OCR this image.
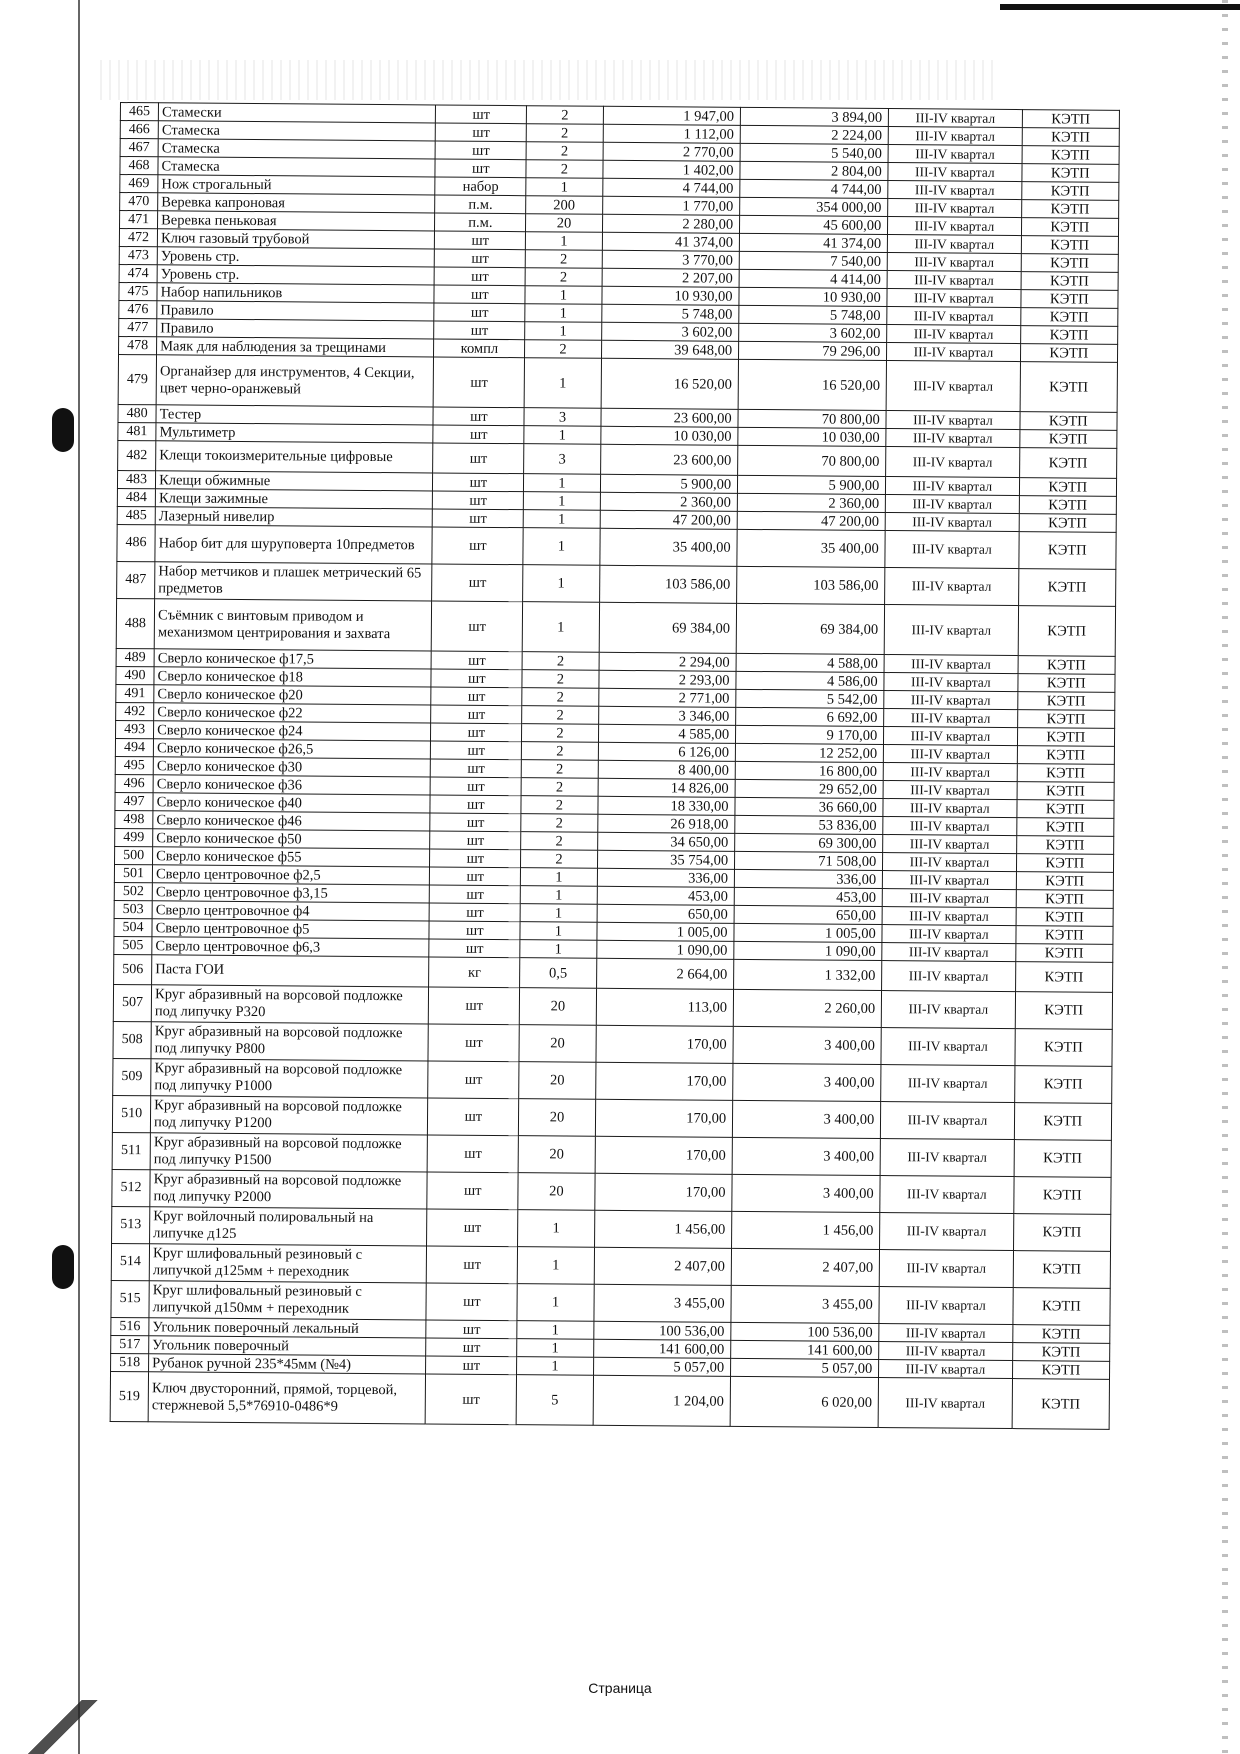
465	Стамески	шт	2	1 947,00	3 894,00	III-IV квартал	КЭТП
466	Стамеска	шт	2	1 112,00	2 224,00	III-IV квартал	КЭТП
467	Стамеска	шт	2	2 770,00	5 540,00	III-IV квартал	КЭТП
468	Стамеска	шт	2	1 402,00	2 804,00	III-IV квартал	КЭТП
469	Нож строгальный	набор	1	4 744,00	4 744,00	III-IV квартал	КЭТП
470	Веревка капроновая	п.м.	200	1 770,00	354 000,00	III-IV квартал	КЭТП
471	Веревка пеньковая	п.м.	20	2 280,00	45 600,00	III-IV квартал	КЭТП
472	Ключ газовый трубовой	шт	1	41 374,00	41 374,00	III-IV квартал	КЭТП
473	Уровень стр.	шт	2	3 770,00	7 540,00	III-IV квартал	КЭТП
474	Уровень стр.	шт	2	2 207,00	4 414,00	III-IV квартал	КЭТП
475	Набор напильников	шт	1	10 930,00	10 930,00	III-IV квартал	КЭТП
476	Правило	шт	1	5 748,00	5 748,00	III-IV квартал	КЭТП
477	Правило	шт	1	3 602,00	3 602,00	III-IV квартал	КЭТП
478	Маяк для наблюдения за трещинами	компл	2	39 648,00	79 296,00	III-IV квартал	КЭТП
479	Органайзер для инструментов, 4 Секции, цвет черно-оранжевый	шт	1	16 520,00	16 520,00	III-IV квартал	КЭТП
480	Тестер	шт	3	23 600,00	70 800,00	III-IV квартал	КЭТП
481	Мультиметр	шт	1	10 030,00	10 030,00	III-IV квартал	КЭТП
482	Клещи токоизмерительные цифровые	шт	3	23 600,00	70 800,00	III-IV квартал	КЭТП
483	Клещи обжимные	шт	1	5 900,00	5 900,00	III-IV квартал	КЭТП
484	Клещи зажимные	шт	1	2 360,00	2 360,00	III-IV квартал	КЭТП
485	Лазерный нивелир	шт	1	47 200,00	47 200,00	III-IV квартал	КЭТП
486	Набор бит для шуруповерта 10предметов	шт	1	35 400,00	35 400,00	III-IV квартал	КЭТП
487	Набор метчиков и плашек метрический 65 предметов	шт	1	103 586,00	103 586,00	III-IV квартал	КЭТП
488	Съёмник с винтовым приводом и механизмом центрирования и захвата	шт	1	69 384,00	69 384,00	III-IV квартал	КЭТП
489	Сверло коническое ф17,5	шт	2	2 294,00	4 588,00	III-IV квартал	КЭТП
490	Сверло коническое ф18	шт	2	2 293,00	4 586,00	III-IV квартал	КЭТП
491	Сверло коническое ф20	шт	2	2 771,00	5 542,00	III-IV квартал	КЭТП
492	Сверло коническое ф22	шт	2	3 346,00	6 692,00	III-IV квартал	КЭТП
493	Сверло коническое ф24	шт	2	4 585,00	9 170,00	III-IV квартал	КЭТП
494	Сверло коническое ф26,5	шт	2	6 126,00	12 252,00	III-IV квартал	КЭТП
495	Сверло коническое ф30	шт	2	8 400,00	16 800,00	III-IV квартал	КЭТП
496	Сверло коническое ф36	шт	2	14 826,00	29 652,00	III-IV квартал	КЭТП
497	Сверло коническое ф40	шт	2	18 330,00	36 660,00	III-IV квартал	КЭТП
498	Сверло коническое ф46	шт	2	26 918,00	53 836,00	III-IV квартал	КЭТП
499	Сверло коническое ф50	шт	2	34 650,00	69 300,00	III-IV квартал	КЭТП
500	Сверло коническое ф55	шт	2	35 754,00	71 508,00	III-IV квартал	КЭТП
501	Сверло центровочное ф2,5	шт	1	336,00	336,00	III-IV квартал	КЭТП
502	Сверло центровочное ф3,15	шт	1	453,00	453,00	III-IV квартал	КЭТП
503	Сверло центровочное ф4	шт	1	650,00	650,00	III-IV квартал	КЭТП
504	Сверло центровочное ф5	шт	1	1 005,00	1 005,00	III-IV квартал	КЭТП
505	Сверло центровочное ф6,3	шт	1	1 090,00	1 090,00	III-IV квартал	КЭТП
506	Паста ГОИ	кг	0,5	2 664,00	1 332,00	III-IV квартал	КЭТП
507	Круг абразивный на ворсовой подложке под липучку Р320	шт	20	113,00	2 260,00	III-IV квартал	КЭТП
508	Круг абразивный на ворсовой подложке под липучку Р800	шт	20	170,00	3 400,00	III-IV квартал	КЭТП
509	Круг абразивный на ворсовой подложке под липучку Р1000	шт	20	170,00	3 400,00	III-IV квартал	КЭТП
510	Круг абразивный на ворсовой подложке под липучку Р1200	шт	20	170,00	3 400,00	III-IV квартал	КЭТП
511	Круг абразивный на ворсовой подложке под липучку Р1500	шт	20	170,00	3 400,00	III-IV квартал	КЭТП
512	Круг абразивный на ворсовой подложке под липучку Р2000	шт	20	170,00	3 400,00	III-IV квартал	КЭТП
513	Круг войлочный полировальный на липучке д125	шт	1	1 456,00	1 456,00	III-IV квартал	КЭТП
514	Круг шлифовальный резиновый с липучкой д125мм + переходник	шт	1	2 407,00	2 407,00	III-IV квартал	КЭТП
515	Круг шлифовальный резиновый с липучкой д150мм + переходник	шт	1	3 455,00	3 455,00	III-IV квартал	КЭТП
516	Угольник поверочный лекальный	шт	1	100 536,00	100 536,00	III-IV квартал	КЭТП
517	Угольник поверочный	шт	1	141 600,00	141 600,00	III-IV квартал	КЭТП
518	Рубанок ручной 235*45мм (№4)	шт	1	5 057,00	5 057,00	III-IV квартал	КЭТП
519	Ключ двусторонний, прямой, торцевой, стержневой 5,5*76910-0486*9	шт	5	1 204,00	6 020,00	III-IV квартал	КЭТП
Страница
